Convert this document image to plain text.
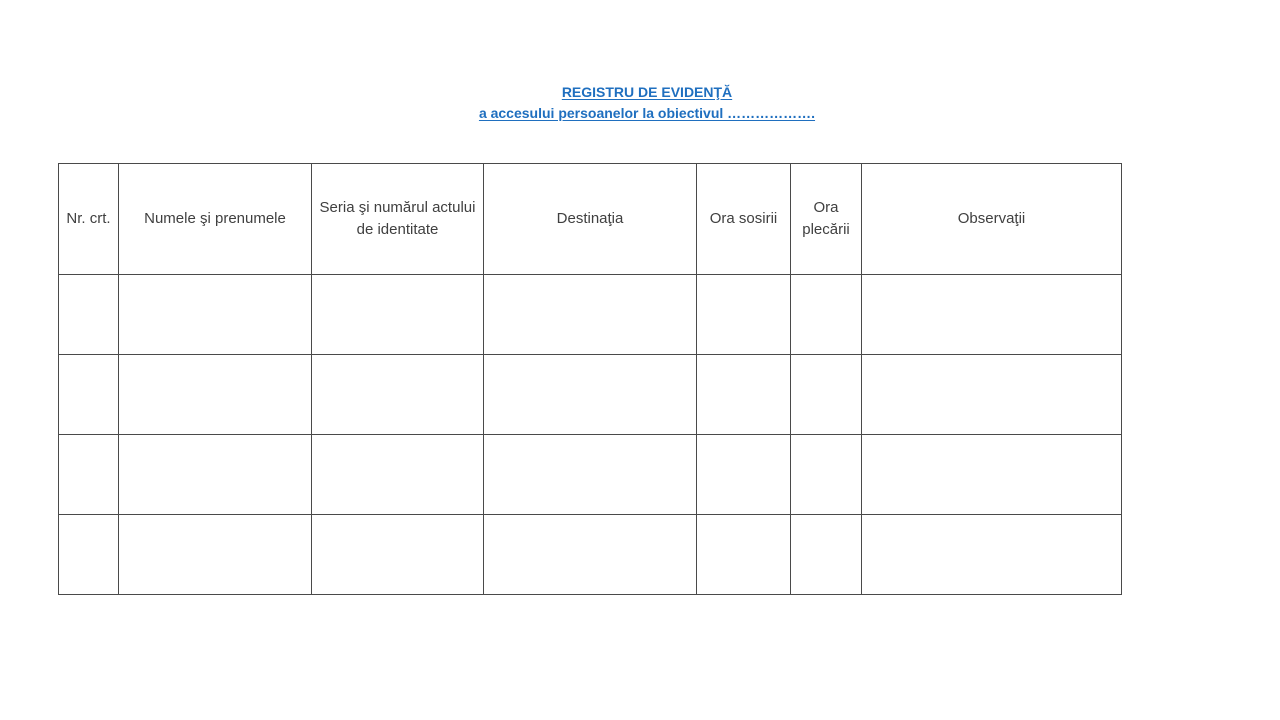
REGISTRU DE EVIDENŢĂ
a accesului persoanelor la obiectivul ……………….
Nr. crt.	Numele şi prenumele	Seria şi numărul actului de identitate	Destinaţia	Ora sosirii	Ora plecării	Observaţii
